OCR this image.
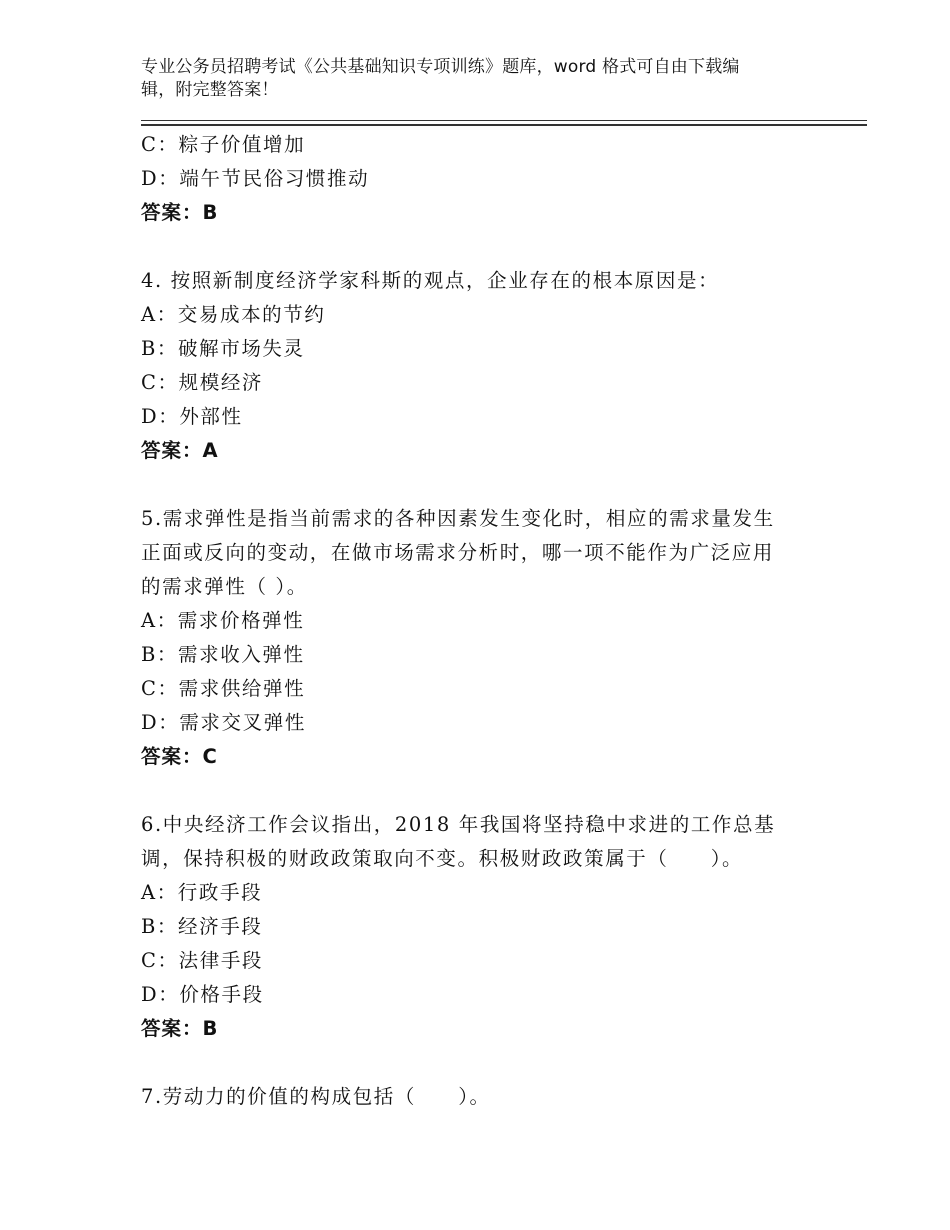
专业公务员招聘考试《公共基础知识专项训练》题库，word 格式可自由下载编
辑，附完整答案！
C：粽子价值增加
D：端午节民俗习惯推动
答案：B
4. 按照新制度经济学家科斯的观点，企业存在的根本原因是：
A：交易成本的节约
B：破解市场失灵
C：规模经济
D：外部性
答案：A
5.需求弹性是指当前需求的各种因素发生变化时，相应的需求量发生
正面或反向的变动，在做市场需求分析时，哪一项不能作为广泛应用
的需求弹性（ ）。
A：需求价格弹性
B：需求收入弹性
C：需求供给弹性
D：需求交叉弹性
答案：C
6.中央经济工作会议指出，2018 年我国将坚持稳中求进的工作总基
调，保持积极的财政政策取向不变。积极财政政策属于（　　）。
A：行政手段
B：经济手段
C：法律手段
D：价格手段
答案：B
7.劳动力的价值的构成包括（　　）。
